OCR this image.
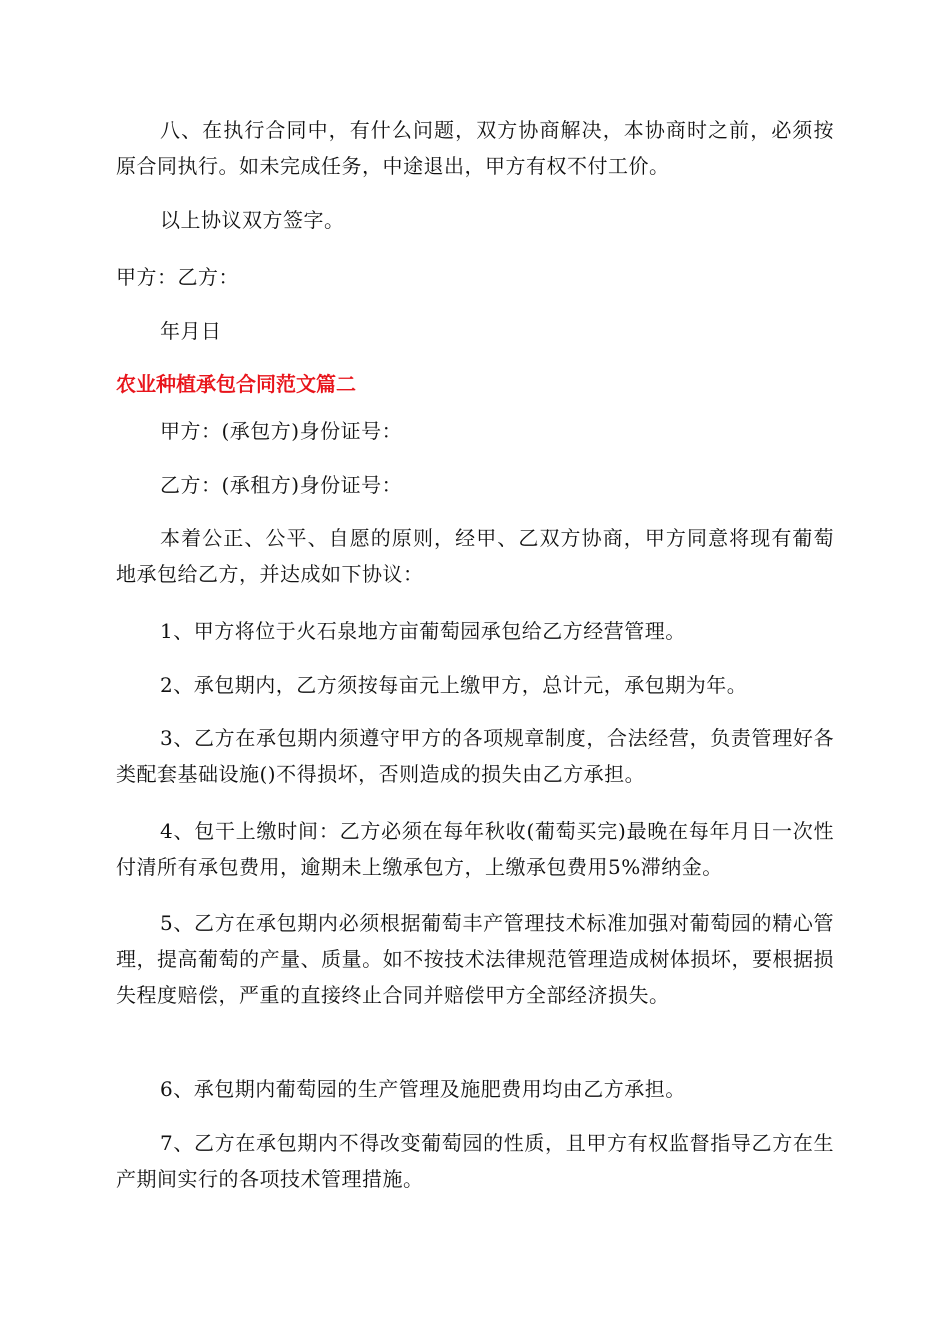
八、在执行合同中，有什么问题，双方协商解决，本协商时之前，必须按原合同执行。如未完成任务，中途退出，甲方有权不付工价。

以上协议双方签字。

甲方：乙方：

年月日

农业种植承包合同范文篇二

甲方：(承包方)身份证号：

乙方：(承租方)身份证号：

本着公正、公平、自愿的原则，经甲、乙双方协商，甲方同意将现有葡萄地承包给乙方，并达成如下协议：

1、甲方将位于火石泉地方亩葡萄园承包给乙方经营管理。

2、承包期内，乙方须按每亩元上缴甲方，总计元，承包期为年。

3、乙方在承包期内须遵守甲方的各项规章制度，合法经营，负责管理好各类配套基础设施()不得损坏，否则造成的损失由乙方承担。

4、包干上缴时间：乙方必须在每年秋收(葡萄买完)最晚在每年月日一次性付清所有承包费用，逾期未上缴承包方，上缴承包费用5%滞纳金。

5、乙方在承包期内必须根据葡萄丰产管理技术标准加强对葡萄园的精心管理，提高葡萄的产量、质量。如不按技术法律规范管理造成树体损坏，要根据损失程度赔偿，严重的直接终止合同并赔偿甲方全部经济损失。

6、承包期内葡萄园的生产管理及施肥费用均由乙方承担。

7、乙方在承包期内不得改变葡萄园的性质，且甲方有权监督指导乙方在生产期间实行的各项技术管理措施。
